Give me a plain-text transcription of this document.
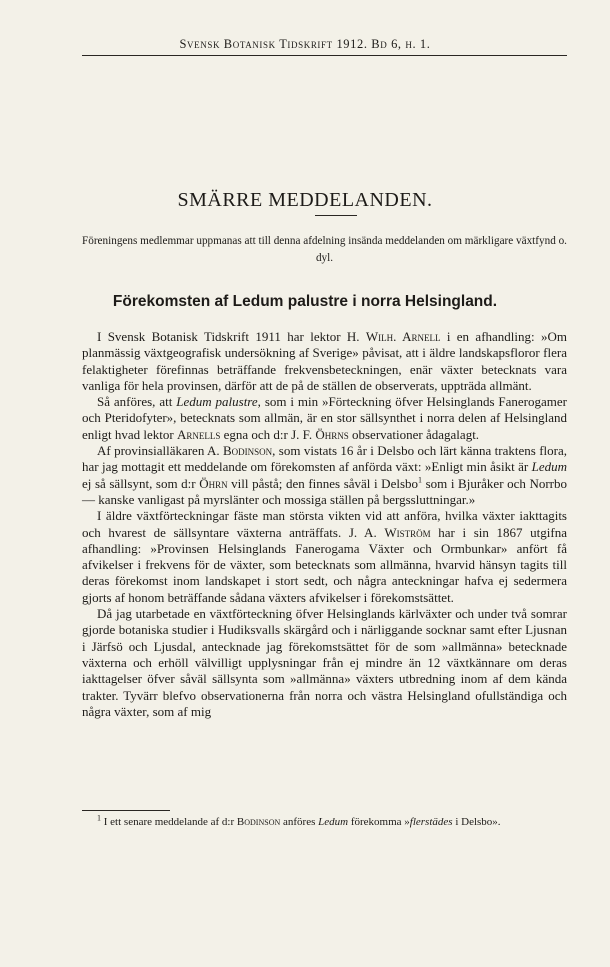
Svensk Botanisk Tidskrift 1912. Bd 6, h. 1.
SMÄRRE MEDDELANDEN.

Föreningens medlemmar uppmanas att till denna afdelning insända meddelanden om märkligare växtfynd o. dyl.

Förekomsten af Ledum palustre i norra Helsingland.

I Svensk Botanisk Tidskrift 1911 har lektor H. Wilh. Arnell i en afhandling: »Om planmässig växtgeografisk undersökning af Sverige» påvisat, att i äldre landskapsfloror flera felaktigheter förefinnas beträffande frekvensbeteckningen, enär växter betecknats vara vanliga för hela provinsen, därför att de på de ställen de observerats, uppträda allmänt.

Så anföres, att Ledum palustre, som i min »Förteckning öfver Helsinglands Fanerogamer och Pteridofyter», betecknats som allmän, är en stor sällsynthet i norra delen af Helsingland enligt hvad lektor Arnells egna och d:r J. F. Öhrns observationer ådagalagt.

Af provinsialläkaren A. Bodinson, som vistats 16 år i Delsbo och lärt känna traktens flora, har jag mottagit ett meddelande om förekomsten af anförda växt: »Enligt min åsikt är Ledum ej så sällsynt, som d:r Öhrn vill påstå; den finnes såväl i Delsbo$^1$ som i Bjuråker och Norrbo — kanske vanligast på myrslänter och mossiga ställen på bergssluttningar.»

I äldre växtförteckningar fäste man största vikten vid att anföra, hvilka växter iakttagits och hvarest de sällsyntare växterna anträffats. J. A. Wiström har i sin 1867 utgifna afhandling: »Provinsen Helsinglands Fanerogama Växter och Ormbunkar» anfört få afvikelser i frekvens för de växter, som betecknats som allmänna, hvarvid hänsyn tagits till deras förekomst inom landskapet i stort sedt, och några anteckningar hafva ej sedermera gjorts af honom beträffande sådana växters afvikelser i förekomstsättet.

Då jag utarbetade en växtförteckning öfver Helsinglands kärlväxter och under två somrar gjorde botaniska studier i Hudiksvalls skärgård och i närliggande socknar samt efter Ljusnan i Järfsö och Ljusdal, antecknade jag förekomstsättet för de som »allmänna» betecknade växterna och erhöll välvilligt upplysningar från ej mindre än 12 växtkännare om deras iakttagelser öfver såväl sällsynta som »allmänna» växters utbredning inom af dem kända trakter. Tyvärr blefvo observationerna från norra och västra Helsingland ofullständiga och några växter, som af mig

$^1$ I ett senare meddelande af d:r Bodinson anföres Ledum förekomma »flerstädes i Delsbo».
